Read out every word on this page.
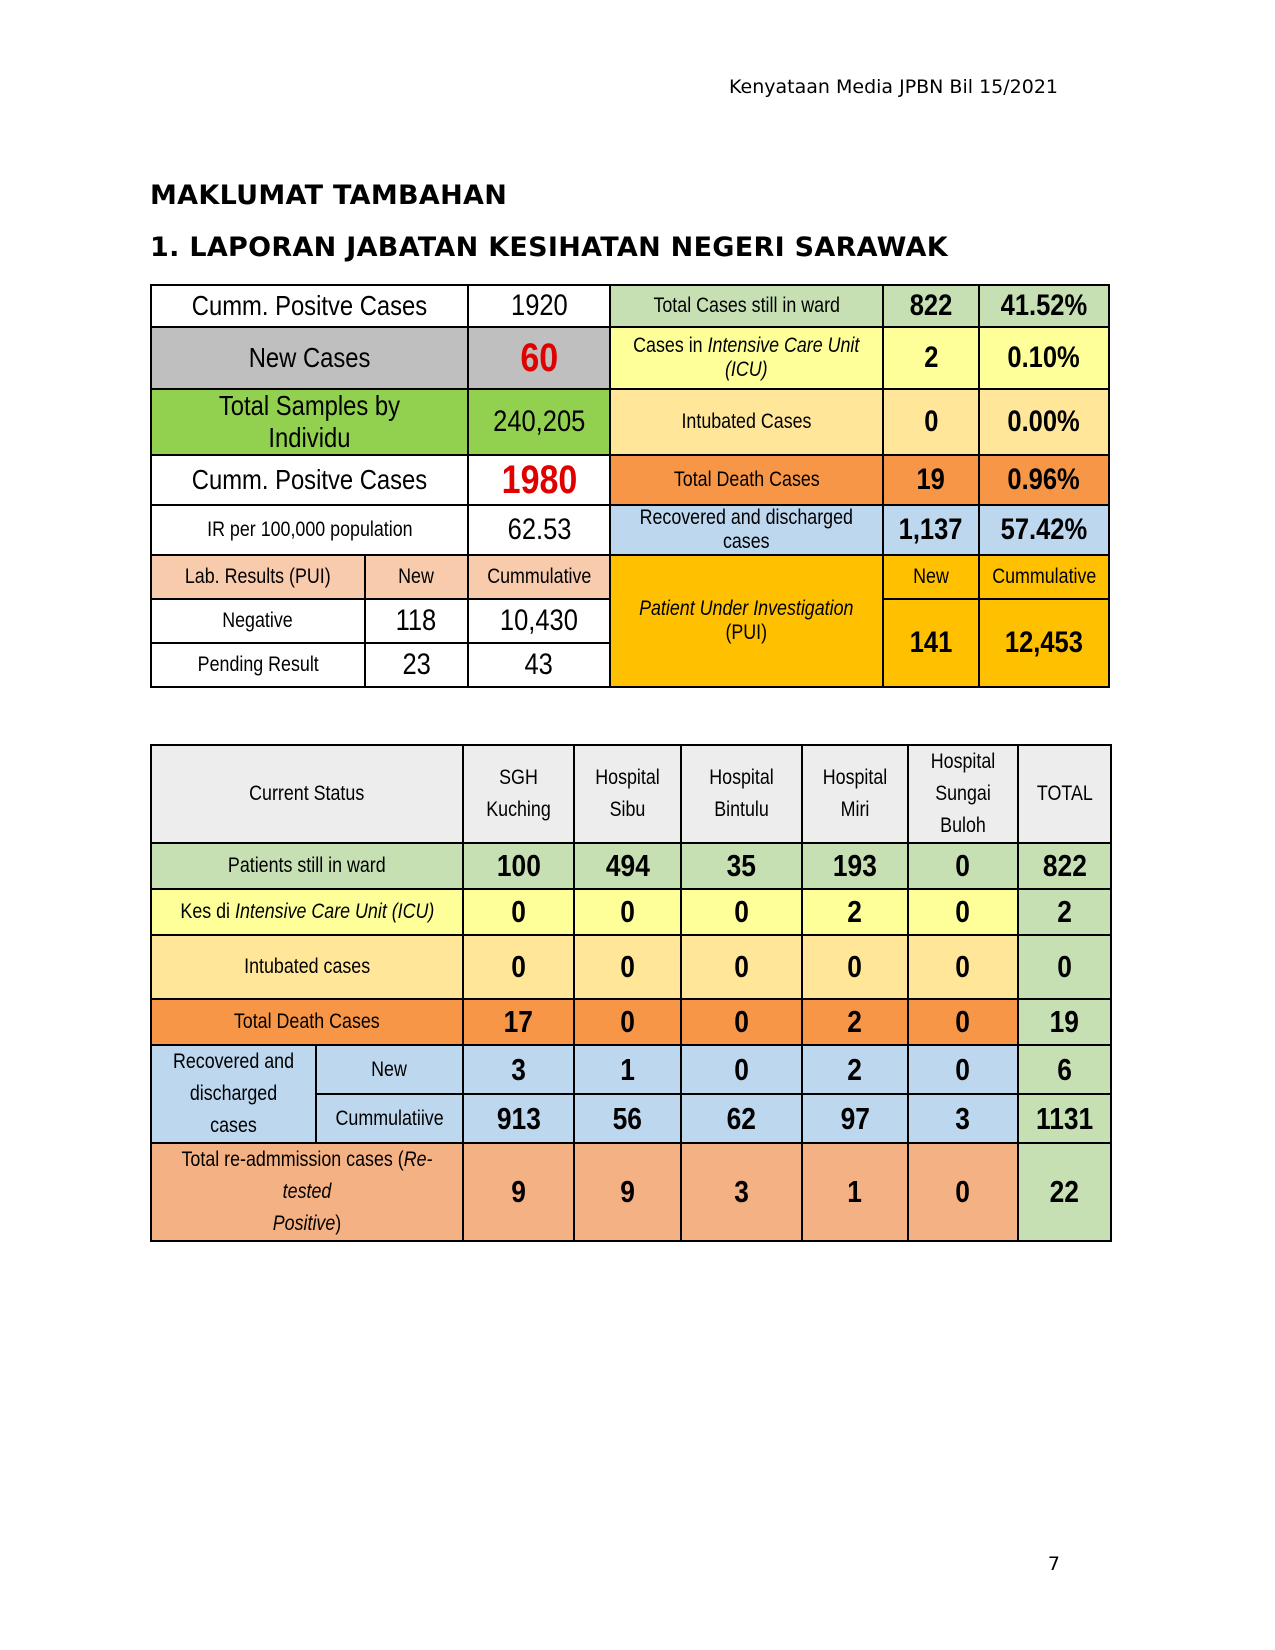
Kenyataan Media JPBN Bil 15/2021
MAKLUMAT TAMBAHAN
1. LAPORAN JABATAN KESIHATAN NEGERI SARAWAK
Cumm. Positve Cases		1920	Total Cases still in ward	822	41.52%
New Cases		60	Cases in Intensive Care Unit (ICU)	2	0.10%
Total Samples by Individu		240,205	Intubated Cases	0	0.00%
Cumm. Positve Cases		1980	Total Death Cases	19	0.96%
IR per 100,000 population		62.53	Recovered and discharged cases	1,137	57.42%
Lab. Results (PUI)	New	Cummulative	Patient Under Investigation (PUI)	New	Cummulative
Negative	118	10,430		141	12,453
Pending Result	23	43			
Current Status		SGH Kuching	Hospital Sibu	Hospital Bintulu	Hospital Miri	Hospital
Sungai Buloh	TOTAL
Patients still in ward		100	494	35	193	0	822
Kes di Intensive Care Unit (ICU)		0	0	0	2	0	2
Intubated cases		0	0	0	0	0	0
Total Death Cases		17	0	0	2	0	19
Recovered and
discharged cases	New	3	1	0	2	0	6
	Cummulatiive	913	56	62	97	3	1131
Total re-admmission cases (Re-tested
Positive)		9	9	3	1	0	22
7
